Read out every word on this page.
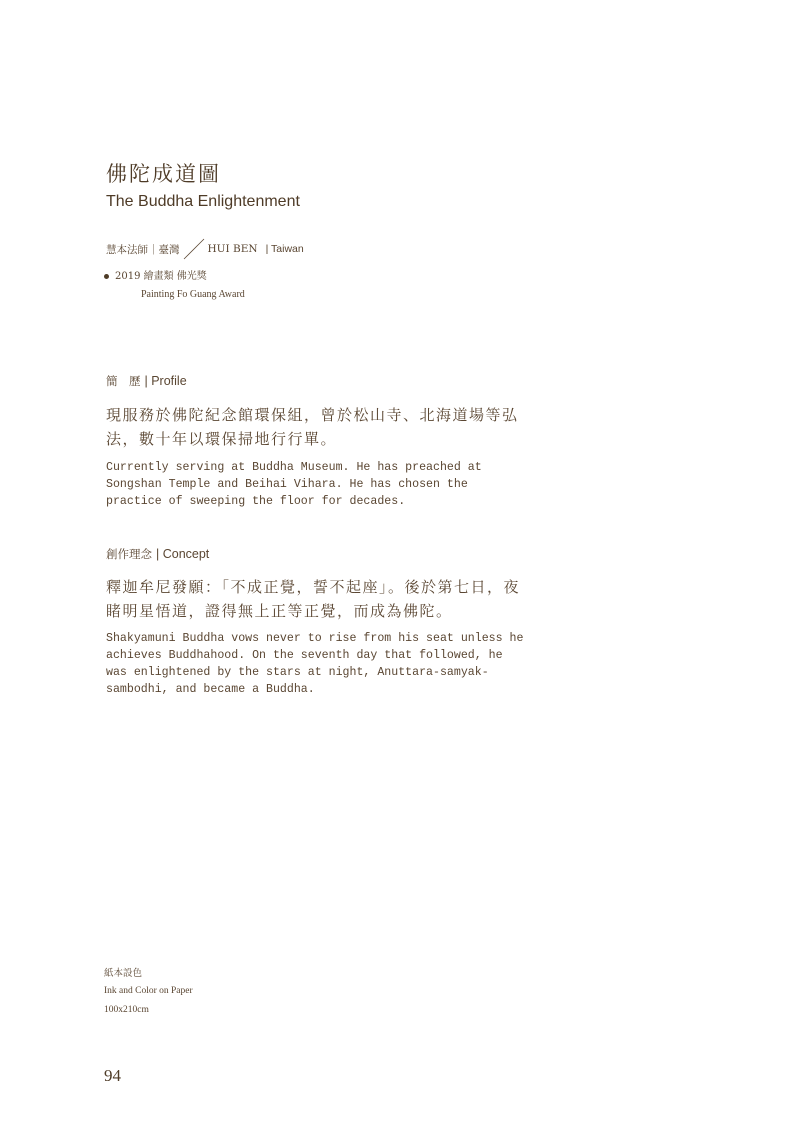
佛陀成道圖
The Buddha Enlightenment
慧本法師｜臺灣	HUI BEN | Taiwan
2019 繪畫類 佛光獎
Painting Fo Guang Award
簡　歷 | Profile
現服務於佛陀紀念館環保組，曾於松山寺、北海道場等弘法，數十年以環保掃地行行單。
Currently serving at Buddha Museum. He has preached at Songshan Temple and Beihai Vihara. He has chosen the practice of sweeping the floor for decades.
創作理念 | Concept
釋迦牟尼發願：「不成正覺，誓不起座」。後於第七日，夜睹明星悟道，證得無上正等正覺，而成為佛陀。
Shakyamuni Buddha vows never to rise from his seat unless he achieves Buddhahood. On the seventh day that followed, he was enlightened by the stars at night, Anuttara-samyak-sambodhi, and became a Buddha.
紙本設色
Ink and Color on Paper
100x210cm
94
